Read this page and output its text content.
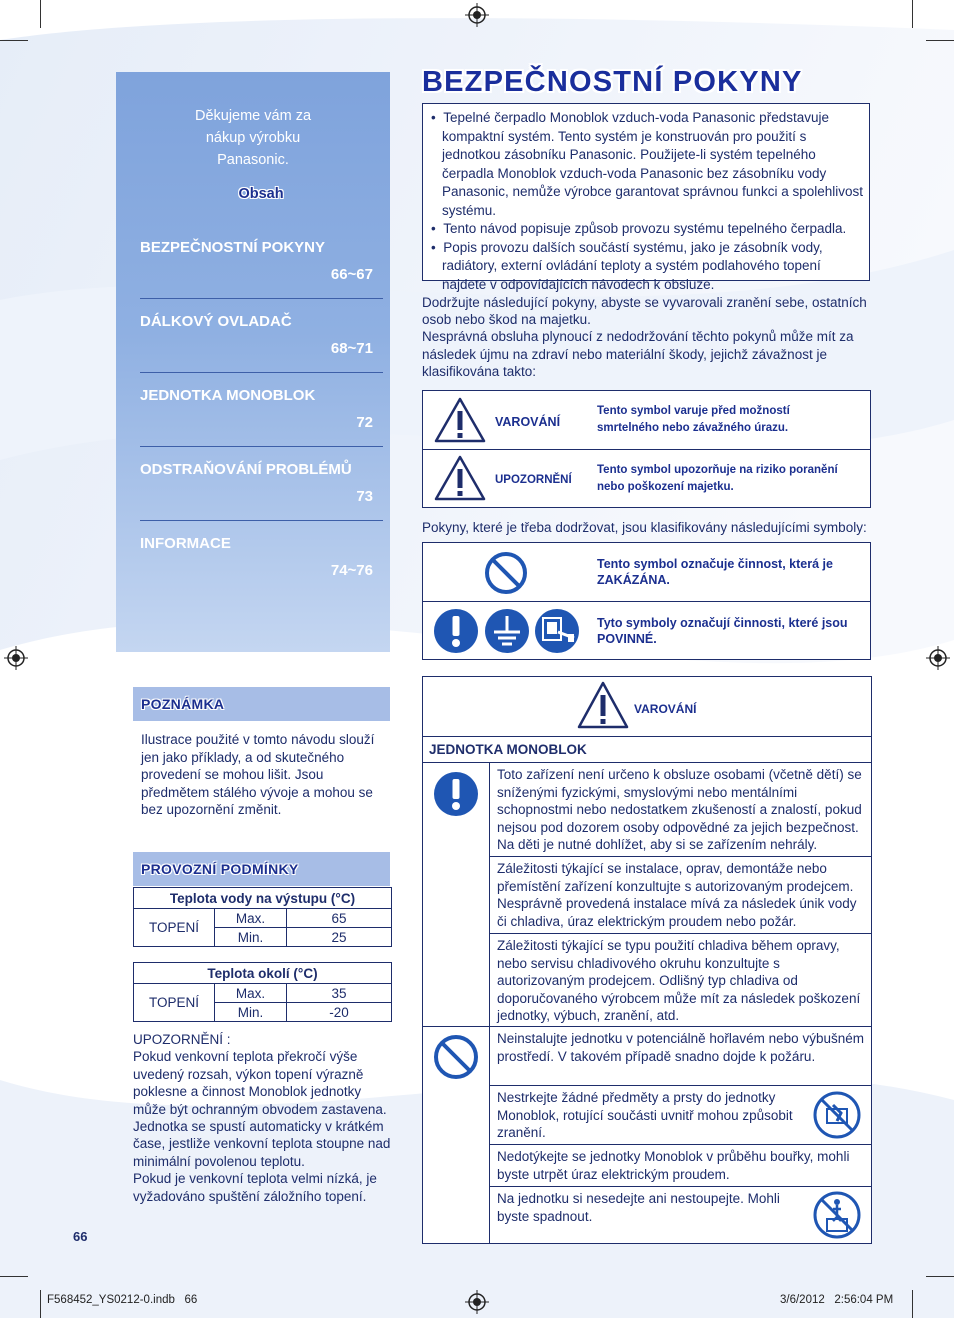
Děkujeme vám za nákup výrobku Panasonic.
Obsah
BEZPEČNOSTNÍ POKYNY
66~67
DÁLKOVÝ OVLADAČ
68~71
JEDNOTKA MONOBLOK
72
ODSTRAŇOVÁNÍ PROBLÉMŮ
73
INFORMACE
74~76
POZNÁMKA
Ilustrace použité v tomto návodu slouží jen jako příklady, a od skutečného provedení se mohou lišit. Jsou předmětem stálého vývoje a mohou se bez upozornění změnit.
PROVOZNÍ PODMÍNKY
Teplota vody na výstupu (°C)		
TOPENÍ	Max.	65
	Min.	25
Teplota okolí (°C)		
TOPENÍ	Max.	35
	Min.	-20
UPOZORNĚNÍ :
Pokud venkovní teplota překročí výše uvedený rozsah, výkon topení výrazně poklesne a činnost Monoblok jednotky může být ochranným obvodem zastavena. Jednotka se spustí automaticky v krátkém čase, jestliže venkovní teplota stoupne nad minimální povolenou teplotu.
Pokud je venkovní teplota velmi nízká, je vyžadováno spuštění záložního topení.
66
F568452_YS0212-0.indb   66	3/6/2012   2:56:04 PM
BEZPEČNOSTNÍ POKYNY
•  Tepelné čerpadlo Monoblok vzduch-voda Panasonic představuje kompaktní systém. Tento systém je konstruován pro použití s jednotkou zásobníku Panasonic. Použijete-li systém tepelného čerpadla Monoblok vzduch-voda Panasonic bez zásobníku vody Panasonic, nemůže výrobce garantovat správnou funkci a spolehlivost systému.
•  Tento návod popisuje způsob provozu systému tepelného čerpadla.
•  Popis provozu dalších součástí systému, jako je zásobník vody, radiátory, externí ovládání teploty a systém podlahového topení najdete v odpovídajících návodech k obsluze.
Dodržujte následující pokyny, abyste se vyvarovali zranění sebe, ostatních osob nebo škod na majetku.
Nesprávná obsluha plynoucí z nedodržování těchto pokynů může mít za následek újmu na zdraví nebo materiální škody, jejichž závažnost je klasifikována takto:
VAROVÁNÍ
Tento symbol varuje před možností smrtelného nebo závažného úrazu.
UPOZORNĚNÍ
Tento symbol upozorňuje na riziko poranění nebo poškození majetku.
Pokyny, které je třeba dodržovat, jsou klasifikovány následujícími symboly:
Tento symbol označuje činnost, která je ZAKÁZÁNA.
Tyto symboly označují činnosti, které jsou POVINNÉ.
VAROVÁNÍ
JEDNOTKA MONOBLOK
Toto zařízení není určeno k obsluze osobami (včetně dětí) se sníženými fyzickými, smyslovými nebo mentálními schopnostmi nebo nedostatkem zkušeností a znalostí, pokud nejsou pod dozorem osoby odpovědné za jejich bezpečnost. Na děti je nutné dohlížet, aby si se zařízením nehrály.
Záležitosti týkající se instalace, oprav, demontáže nebo přemístění zařízení konzultujte s autorizovaným prodejcem. Nesprávně provedená instalace mívá za následek únik vody či chladiva, úraz elektrickým proudem nebo požár.
Záležitosti týkající se typu použití chladiva během opravy, nebo servisu chladivového okruhu konzultujte s autorizovaným prodejcem. Odlišný typ chladiva od doporučovaného výrobcem může mít za následek poškození jednotky, výbuch, zranění, atd.
Neinstalujte jednotku v potenciálně hořlavém nebo výbušném prostředí. V takovém případě snadno dojde k požáru.
Nestrkejte žádné předměty a prsty do jednotky Monoblok, rotující součásti uvnitř mohou způsobit zranění.
Nedotýkejte se jednotky Monoblok v průběhu bouřky, mohli byste utrpět úraz elektrickým proudem.
Na jednotku si nesedejte ani nestoupejte. Mohli byste spadnout.
